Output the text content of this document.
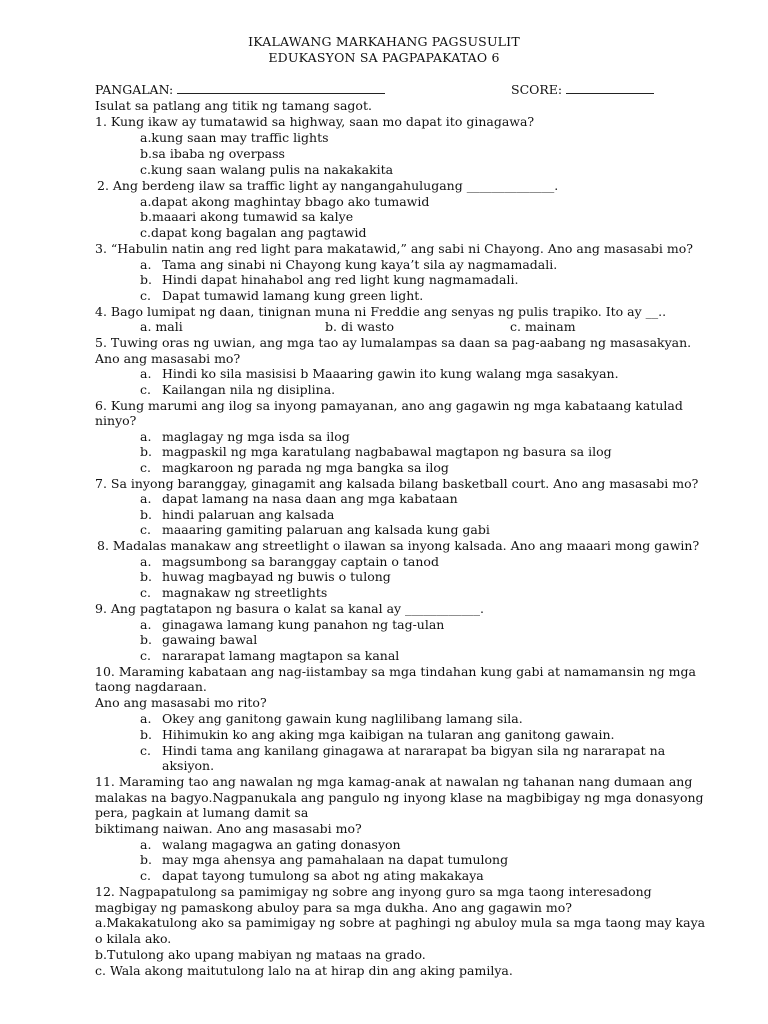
IKALAWANG MARKAHANG PAGSUSULIT
EDUKASYON SA PAGPAPAKATAO 6
PANGALAN:	SCORE:
Isulat sa patlang ang titik ng tamang sagot.
1. Kung ikaw ay tumatawid sa highway, saan mo dapat ito ginagawa?
a.kung saan may traffic lights
b.sa ibaba ng overpass
c.kung saan walang pulis na nakakakita
2. Ang berdeng ilaw sa traffic light ay nangangahulugang ______________.
a.dapat akong maghintay bbago ako tumawid
b.maaari akong tumawid sa kalye
c.dapat kong bagalan ang pagtawid
3. “Habulin natin ang red light para makatawid,” ang sabi ni Chayong. Ano ang masasabi mo?
a. Tama ang sinabi ni Chayong kung kaya’t sila ay nagmamadali.
b. Hindi dapat hinahabol ang red light kung nagmamadali.
c. Dapat tumawid lamang kung green light.
4. Bago lumipat ng daan, tinignan muna ni Freddie ang senyas ng pulis trapiko. Ito ay __..
a. mali	b. di wasto	c. mainam
5. Tuwing oras ng uwian, ang mga tao ay lumalampas sa daan sa pag-aabang ng masasakyan.
Ano ang masasabi mo?
a. Hindi ko sila masisisi b Maaaring gawin ito kung walang mga sasakyan.
c. Kailangan nila ng disiplina.
6. Kung marumi ang ilog sa inyong pamayanan, ano ang gagawin ng mga kabataang katulad
ninyo?
a. maglagay ng mga isda sa ilog
b. magpaskil ng mga karatulang nagbabawal magtapon ng basura sa ilog
c. magkaroon ng parada ng mga bangka sa ilog
7. Sa inyong baranggay, ginagamit ang kalsada bilang basketball court. Ano ang masasabi mo?
a. dapat lamang na nasa daan ang mga kabataan
b. hindi palaruan ang kalsada
c. maaaring gamiting palaruan ang kalsada kung gabi
8. Madalas manakaw ang streetlight o ilawan sa inyong kalsada. Ano ang maaari mong gawin?
a. magsumbong sa baranggay captain o tanod
b. huwag magbayad ng buwis o tulong
c. magnakaw ng streetlights
9. Ang pagtatapon ng basura o kalat sa kanal ay ____________.
a. ginagawa lamang kung panahon ng tag-ulan
b. gawaing bawal
c. nararapat lamang magtapon sa kanal
10. Maraming kabataan ang nag-iistambay sa mga tindahan kung gabi at namamansin ng mga
taong nagdaraan.
Ano ang masasabi mo rito?
a. Okey ang ganitong gawain kung naglilibang lamang sila.
b. Hihimukin ko ang aking mga kaibigan na tularan ang ganitong gawain.
c. Hindi tama ang kanilang ginagawa at nararapat ba bigyan sila ng nararapat na
aksiyon.
11. Maraming tao ang nawalan ng mga kamag-anak at nawalan ng tahanan nang dumaan ang
malakas na bagyo.Nagpanukala ang pangulo ng inyong klase na magbibigay ng mga donasyong
pera, pagkain at lumang damit sa
biktimang naiwan. Ano ang masasabi mo?
a. walang magagwa an gating donasyon
b. may mga ahensya ang pamahalaan na dapat tumulong
c. dapat tayong tumulong sa abot ng ating makakaya
12. Nagpapatulong sa pamimigay ng sobre ang inyong guro sa mga taong interesadong
magbigay ng pamaskong abuloy para sa mga dukha. Ano ang gagawin mo?
a.Makakatulong ako sa pamimigay ng sobre at paghingi ng abuloy mula sa mga taong may kaya
o kilala ako.
b.Tutulong ako upang mabiyan ng mataas na grado.
c. Wala akong maitutulong lalo na at hirap din ang aking pamilya.
